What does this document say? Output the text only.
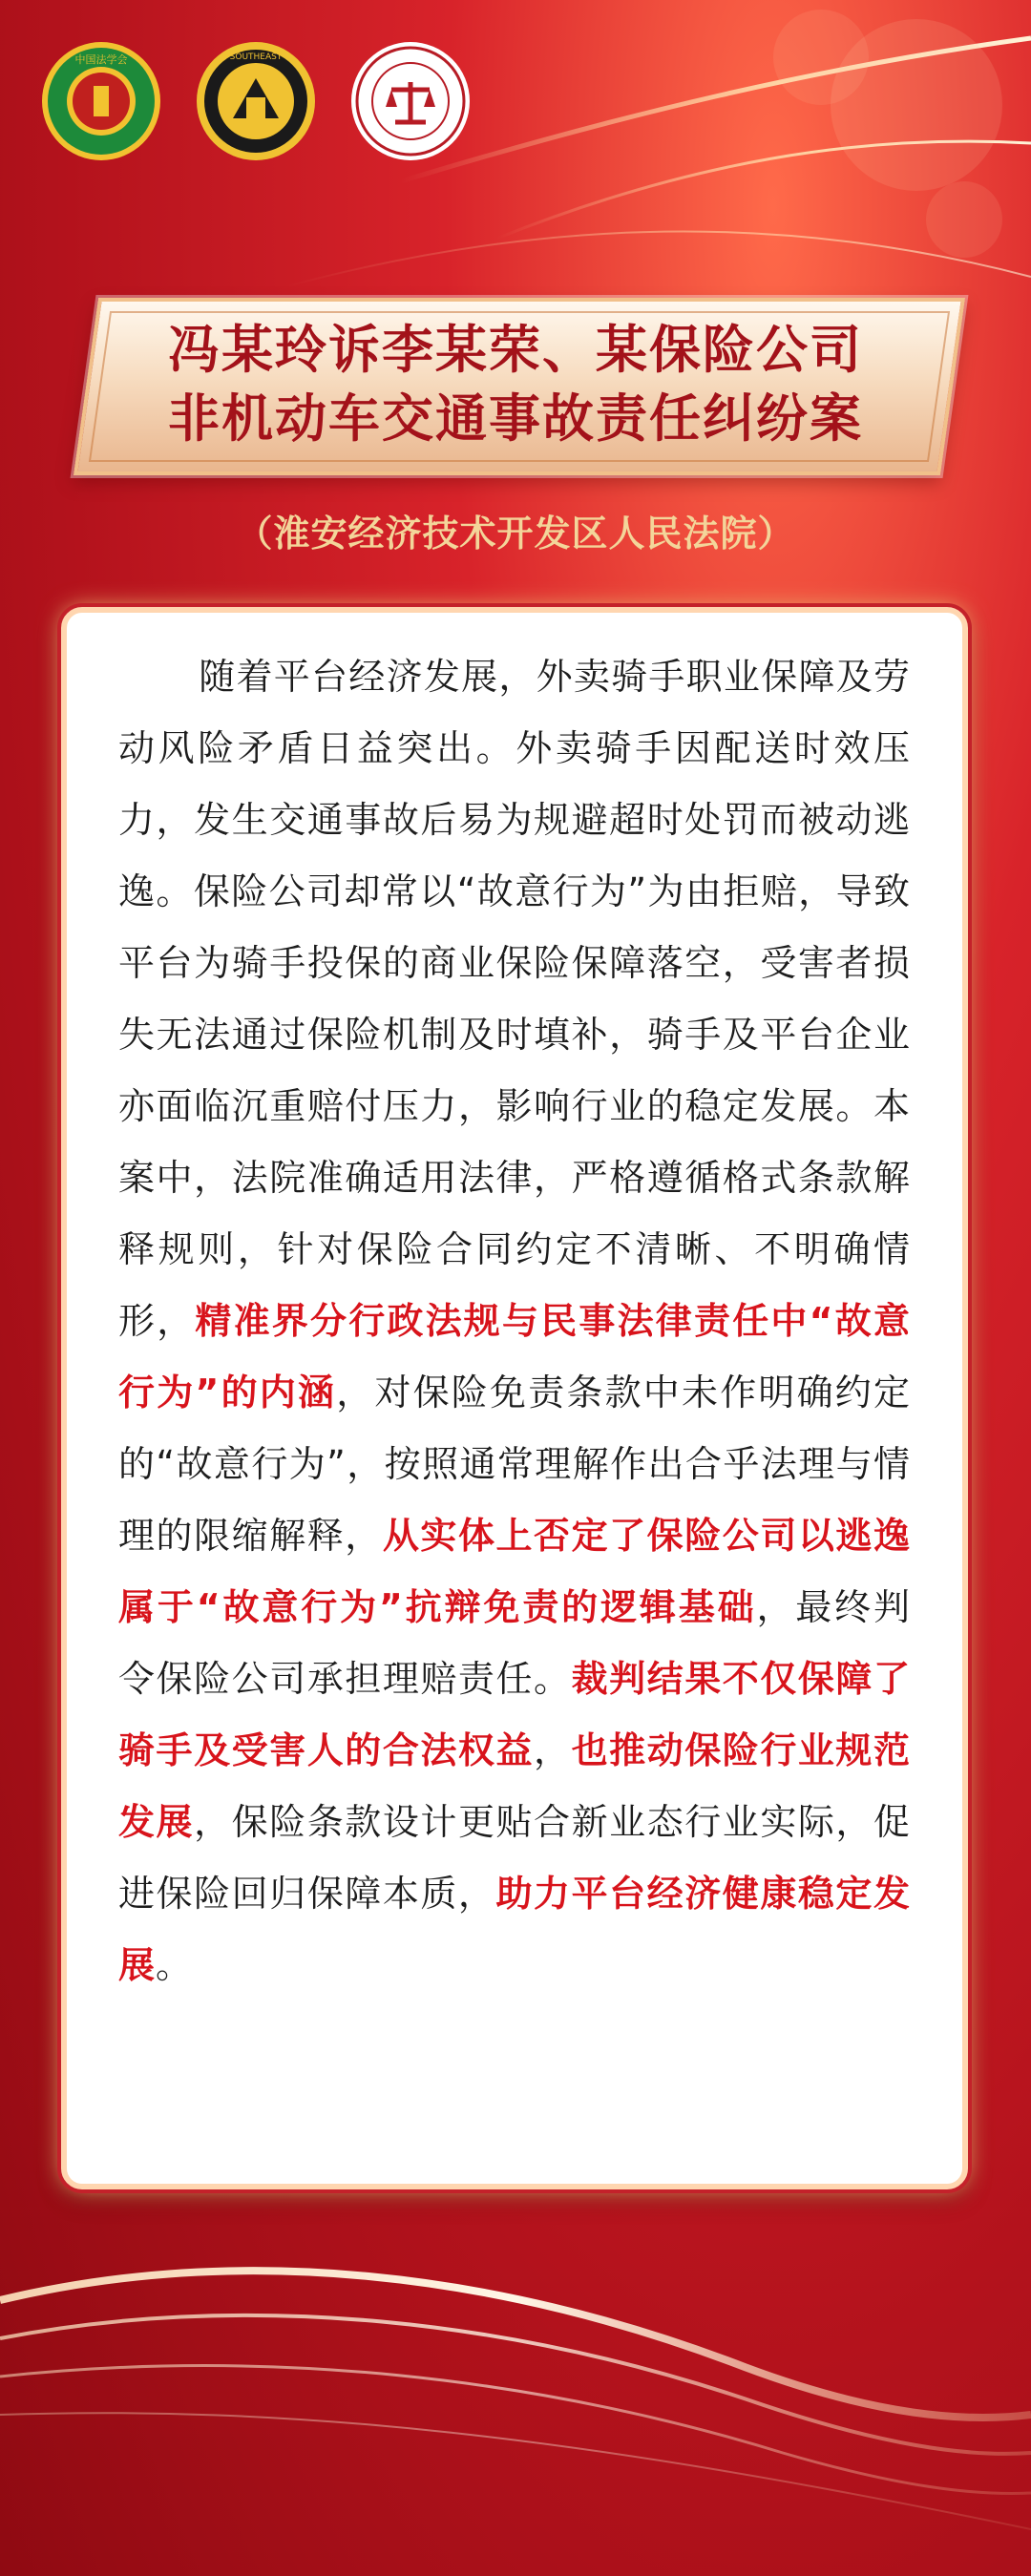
中国法学会	SOUTHEAST
冯某玲诉李某荣、某保险公司
非机动车交通事故责任纠纷案
（淮安经济技术开发区人民法院）

随着平台经济发展，外卖骑手职业保障及劳动风险矛盾日益突出。外卖骑手因配送时效压力，发生交通事故后易为规避超时处罚而被动逃逸。保险公司却常以“故意行为”为由拒赔，导致平台为骑手投保的商业保险保障落空，受害者损失无法通过保险机制及时填补，骑手及平台企业亦面临沉重赔付压力，影响行业的稳定发展。本案中，法院准确适用法律，严格遵循格式条款解释规则，针对保险合同约定不清晰、不明确情形，精准界分行政法规与民事法律责任中“故意行为”的内涵，对保险免责条款中未作明确约定的“故意行为”，按照通常理解作出合乎法理与情理的限缩解释，从实体上否定了保险公司以逃逸属于“故意行为”抗辩免责的逻辑基础，最终判令保险公司承担理赔责任。裁判结果不仅保障了骑手及受害人的合法权益，也推动保险行业规范发展，保险条款设计更贴合新业态行业实际，促进保险回归保障本质，助力平台经济健康稳定发展。
